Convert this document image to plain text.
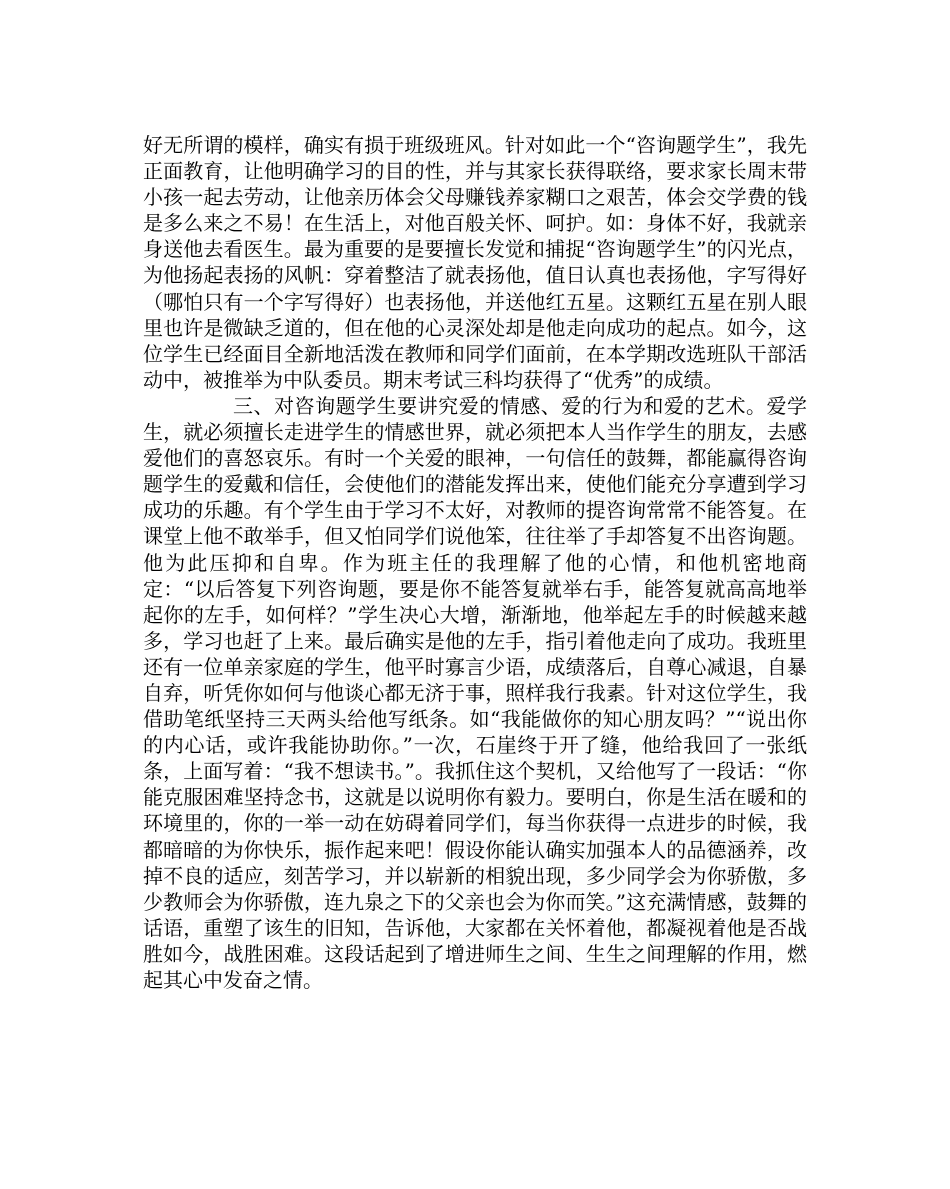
好无所谓的模样，确实有损于班级班风。针对如此一个“咨询题学生”，我先正面教育，让他明确学习的目的性，并与其家长获得联络，要求家长周末带小孩一起去劳动，让他亲历体会父母赚钱养家糊口之艰苦，体会交学费的钱是多么来之不易！在生活上，对他百般关怀、呵护。如：身体不好，我就亲身送他去看医生。最为重要的是要擅长发觉和捕捉“咨询题学生”的闪光点，为他扬起表扬的风帆：穿着整洁了就表扬他，值日认真也表扬他，字写得好（哪怕只有一个字写得好）也表扬他，并送他红五星。这颗红五星在别人眼里也许是微缺乏道的，但在他的心灵深处却是他走向成功的起点。如今，这位学生已经面目全新地活泼在教师和同学们面前，在本学期改选班队干部活动中，被推举为中队委员。期末考试三科均获得了“优秀”的成绩。

三、对咨询题学生要讲究爱的情感、爱的行为和爱的艺术。爱学生，就必须擅长走进学生的情感世界，就必须把本人当作学生的朋友，去感爱他们的喜怒哀乐。有时一个关爱的眼神，一句信任的鼓舞，都能赢得咨询题学生的爱戴和信任，会使他们的潜能发挥出来，使他们能充分享遭到学习成功的乐趣。有个学生由于学习不太好，对教师的提咨询常常不能答复。在课堂上他不敢举手，但又怕同学们说他笨，往往举了手却答复不出咨询题。他为此压抑和自卑。作为班主任的我理解了他的心情，和他机密地商定：“以后答复下列咨询题，要是你不能答复就举右手，能答复就高高地举起你的左手，如何样？”学生决心大增，渐渐地，他举起左手的时候越来越多，学习也赶了上来。最后确实是他的左手，指引着他走向了成功。我班里还有一位单亲家庭的学生，他平时寡言少语，成绩落后，自尊心减退，自暴自弃，听凭你如何与他谈心都无济于事，照样我行我素。针对这位学生，我借助笔纸坚持三天两头给他写纸条。如“我能做你的知心朋友吗？”“说出你的内心话，或许我能协助你。”一次，石崖终于开了缝，他给我回了一张纸条，上面写着：“我不想读书。”。我抓住这个契机，又给他写了一段话：“你能克服困难坚持念书，这就是以说明你有毅力。要明白，你是生活在暖和的环境里的，你的一举一动在妨碍着同学们，每当你获得一点进步的时候，我都暗暗的为你快乐，振作起来吧！假设你能认确实加强本人的品德涵养，改掉不良的适应，刻苦学习，并以崭新的相貌出现，多少同学会为你骄傲，多少教师会为你骄傲，连九泉之下的父亲也会为你而笑。”这充满情感，鼓舞的话语，重塑了该生的旧知，告诉他，大家都在关怀着他，都凝视着他是否战胜如今，战胜困难。这段话起到了增进师生之间、生生之间理解的作用，燃起其心中发奋之情。
